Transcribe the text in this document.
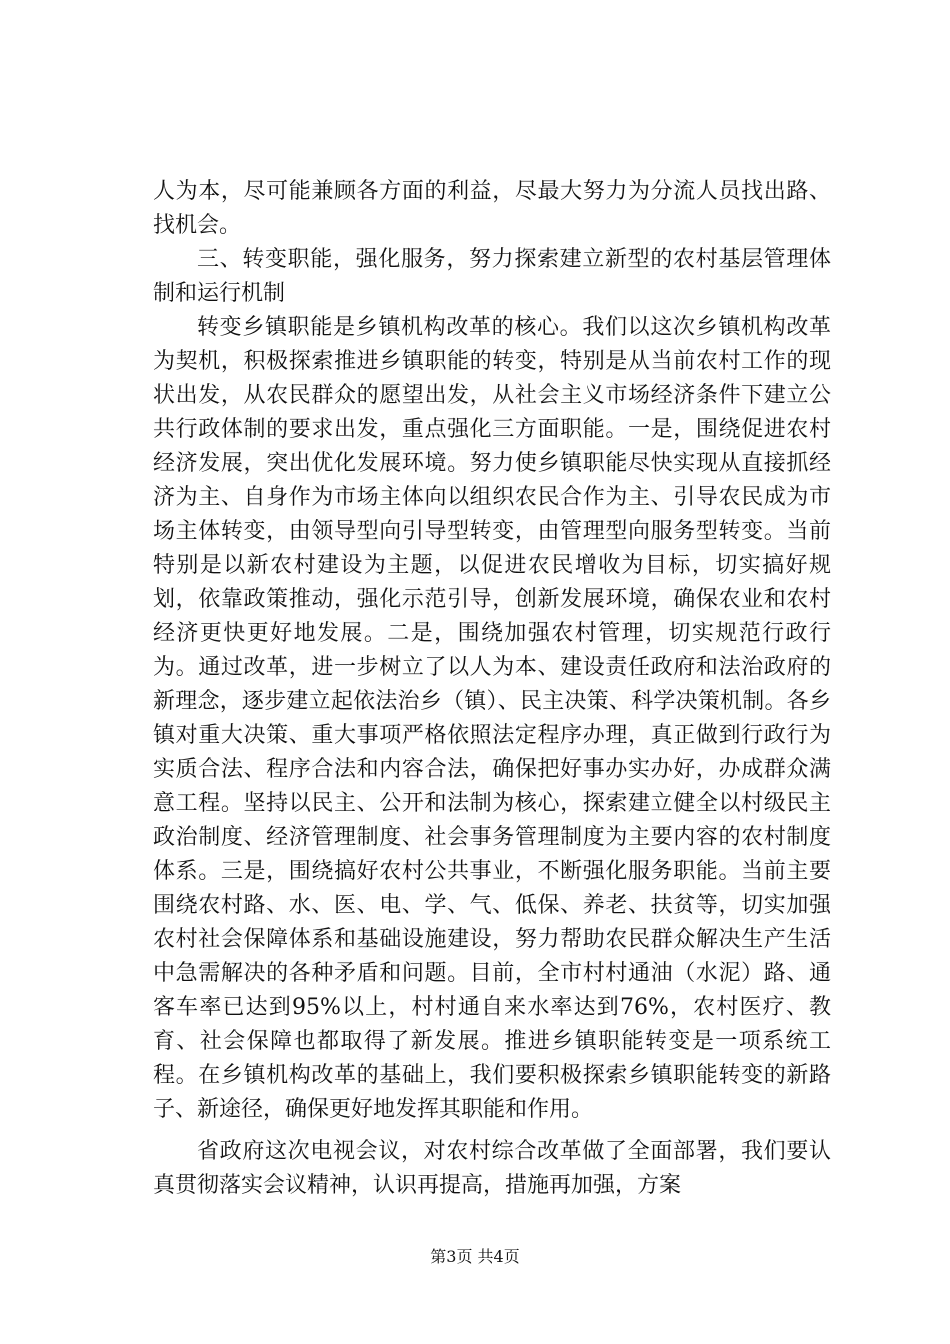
人为本，尽可能兼顾各方面的利益，尽最大努力为分流人员找出路、找机会。

三、转变职能，强化服务，努力探索建立新型的农村基层管理体制和运行机制

转变乡镇职能是乡镇机构改革的核心。我们以这次乡镇机构改革为契机，积极探索推进乡镇职能的转变，特别是从当前农村工作的现状出发，从农民群众的愿望出发，从社会主义市场经济条件下建立公共行政体制的要求出发，重点强化三方面职能。一是，围绕促进农村经济发展，突出优化发展环境。努力使乡镇职能尽快实现从直接抓经济为主、自身作为市场主体向以组织农民合作为主、引导农民成为市场主体转变，由领导型向引导型转变，由管理型向服务型转变。当前特别是以新农村建设为主题，以促进农民增收为目标，切实搞好规划，依靠政策推动，强化示范引导，创新发展环境，确保农业和农村经济更快更好地发展。二是，围绕加强农村管理，切实规范行政行为。通过改革，进一步树立了以人为本、建设责任政府和法治政府的新理念，逐步建立起依法治乡（镇）、民主决策、科学决策机制。各乡镇对重大决策、重大事项严格依照法定程序办理，真正做到行政行为实质合法、程序合法和内容合法，确保把好事办实办好，办成群众满意工程。坚持以民主、公开和法制为核心，探索建立健全以村级民主政治制度、经济管理制度、社会事务管理制度为主要内容的农村制度体系。三是，围绕搞好农村公共事业，不断强化服务职能。当前主要围绕农村路、水、医、电、学、气、低保、养老、扶贫等，切实加强农村社会保障体系和基础设施建设，努力帮助农民群众解决生产生活中急需解决的各种矛盾和问题。目前，全市村村通油（水泥）路、通客车率已达到95%以上，村村通自来水率达到76%，农村医疗、教育、社会保障也都取得了新发展。推进乡镇职能转变是一项系统工程。在乡镇机构改革的基础上，我们要积极探索乡镇职能转变的新路子、新途径，确保更好地发挥其职能和作用。

省政府这次电视会议，对农村综合改革做了全面部署，我们要认真贯彻落实会议精神，认识再提高，措施再加强，方案

第3页 共4页
